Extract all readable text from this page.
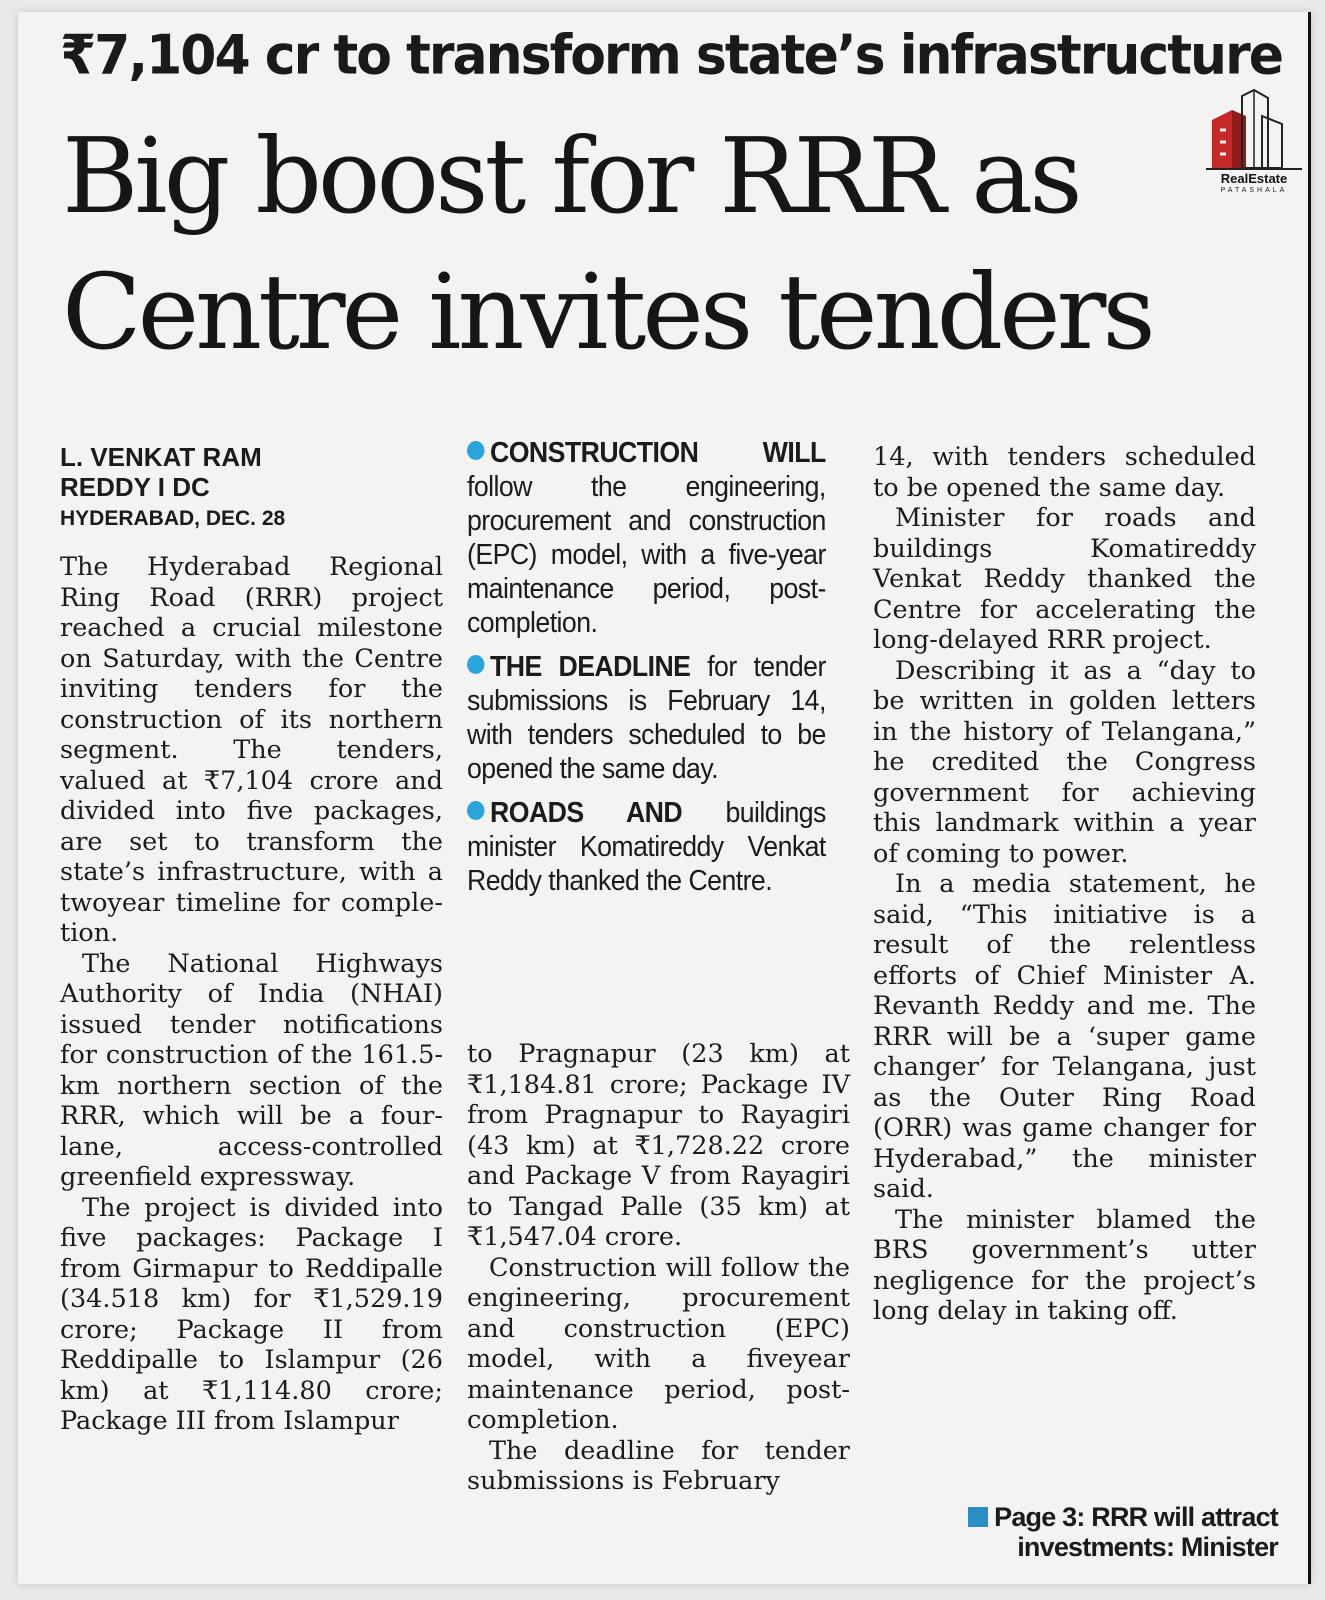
₹7,104 cr to transform state’s infrastructure
Big boost for RRR as
Centre invites tenders
RealEstate
PATASHALA
L. VENKAT RAM
REDDY I DC
HYDERABAD, DEC. 28

The Hyderabad Regional Ring Road (RRR) project reached a crucial milestone on Saturday, with the Centre inviting tenders for the construction of its northern segment. The tenders, valued at ₹7,104 crore and divided into five packages, are set to transform the state’s infrastructure, with a twoyear timeline for completion.

The National Highways Authority of India (NHAI) issued tender notifications for construction of the 161.5-km northern section of the RRR, which will be a four-lane, access-controlled greenfield expressway.

The project is divided into five packages: Package I from Girmapur to Reddipalle (34.518 km) for ₹1,529.19 crore; Package II from Reddipalle to Islampur (26 km) at ₹1,114.80 crore; Package III from Islampur

CONSTRUCTION WILL follow the engineering, procurement and construction (EPC) model, with a five-year maintenance period, post-completion.

THE DEADLINE for tender submissions is February 14, with tenders scheduled to be opened the same day.

ROADS AND buildings minister Komatireddy Venkat Reddy thanked the Centre.

to Pragnapur (23 km) at ₹1,184.81 crore; Package IV from Pragnapur to Rayagiri (43 km) at ₹1,728.22 crore and Package V from Rayagiri to Tangad Palle (35 km) at ₹1,547.04 crore.

Construction will follow the engineering, procurement and construction (EPC) model, with a fiveyear maintenance period, post-completion.

The deadline for tender submissions is February

14, with tenders scheduled to be opened the same day.

Minister for roads and buildings Komatireddy Venkat Reddy thanked the Centre for accelerating the long-delayed RRR project.

Describing it as a “day to be written in golden letters in the history of Telangana,” he credited the Congress government for achieving this landmark within a year of coming to power.

In a media statement, he said, “This initiative is a result of the relentless efforts of Chief Minister A. Revanth Reddy and me. The RRR will be a ‘super game changer’ for Telangana, just as the Outer Ring Road (ORR) was game changer for Hyderabad,” the minister said.

The minister blamed the BRS government’s utter negligence for the project’s long delay in taking off.

Page 3: RRR will attract
investments: Minister
